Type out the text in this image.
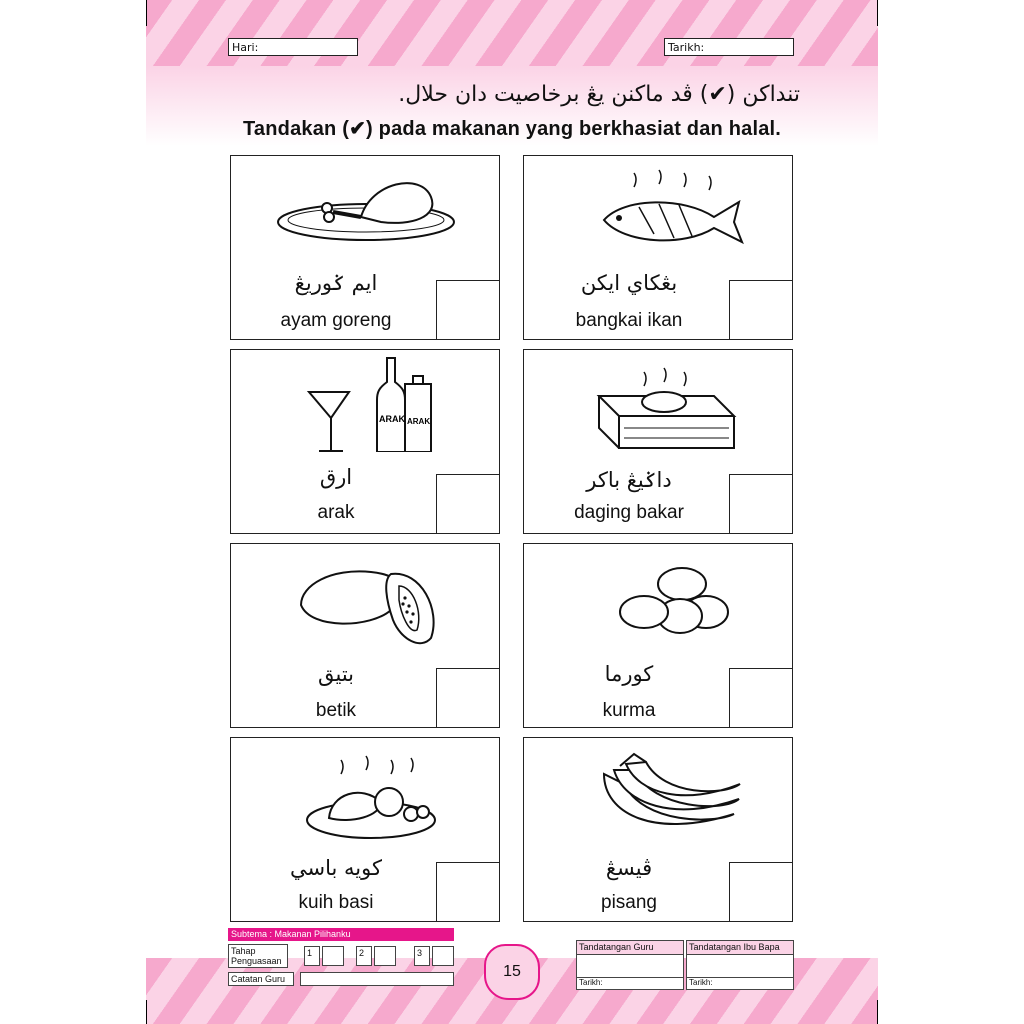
Hari:	Tarikh:
تنداکن (✔) ڤد ماکنن يڠ برخاصيت دان حلال.
Tandakan (✔) pada makanan yang berkhasiat dan halal.
ايم ݢوريڠ
ayam goreng
بڠکاي ايکن
bangkai ikan
ARAK ARAK
ارق
arak
داݢيڠ باکر
daging bakar
بتيق
betik
کورما
kurma
کويه باسي
kuih basi
ڤيسڠ
pisang
Subtema : Makanan Pilihanku
Tahap Penguasaan
1	2	3
Catatan Guru	15
Tandatangan Guru
Tarikh:
Tandatangan Ibu Bapa
Tarikh:
